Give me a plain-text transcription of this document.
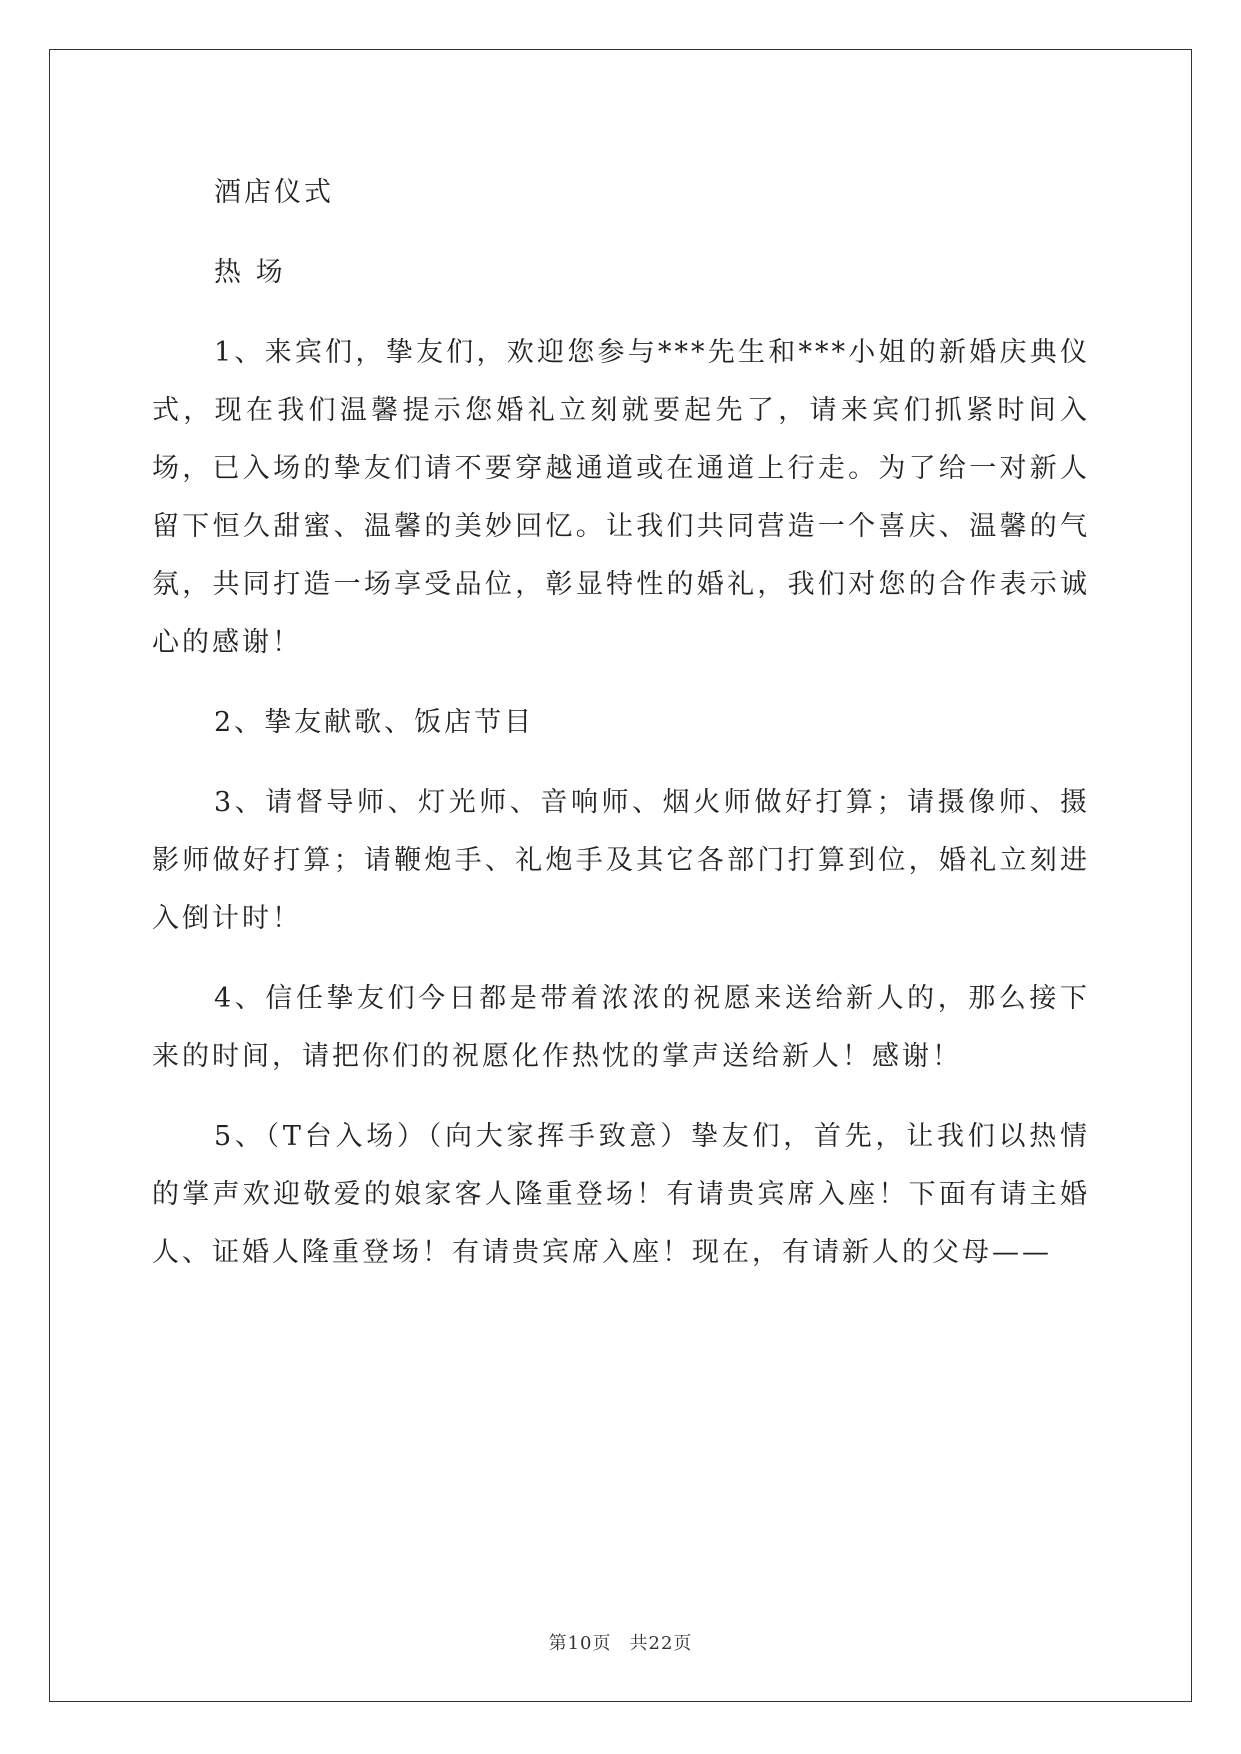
酒店仪式

热 场

1、来宾们，挚友们，欢迎您参与***先生和***小姐的新婚庆典仪式，现在我们温馨提示您婚礼立刻就要起先了，请来宾们抓紧时间入场，已入场的挚友们请不要穿越通道或在通道上行走。为了给一对新人留下恒久甜蜜、温馨的美妙回忆。让我们共同营造一个喜庆、温馨的气氛，共同打造一场享受品位，彰显特性的婚礼，我们对您的合作表示诚心的感谢！

2、挚友献歌、饭店节目

3、请督导师、灯光师、音响师、烟火师做好打算；请摄像师、摄影师做好打算；请鞭炮手、礼炮手及其它各部门打算到位，婚礼立刻进入倒计时！

4、信任挚友们今日都是带着浓浓的祝愿来送给新人的，那么接下来的时间，请把你们的祝愿化作热忱的掌声送给新人！感谢！

5、（T台入场）（向大家挥手致意）挚友们，首先，让我们以热情的掌声欢迎敬爱的娘家客人隆重登场！有请贵宾席入座！下面有请主婚人、证婚人隆重登场！有请贵宾席入座！现在，有请新人的父母——

第10页 共22页
